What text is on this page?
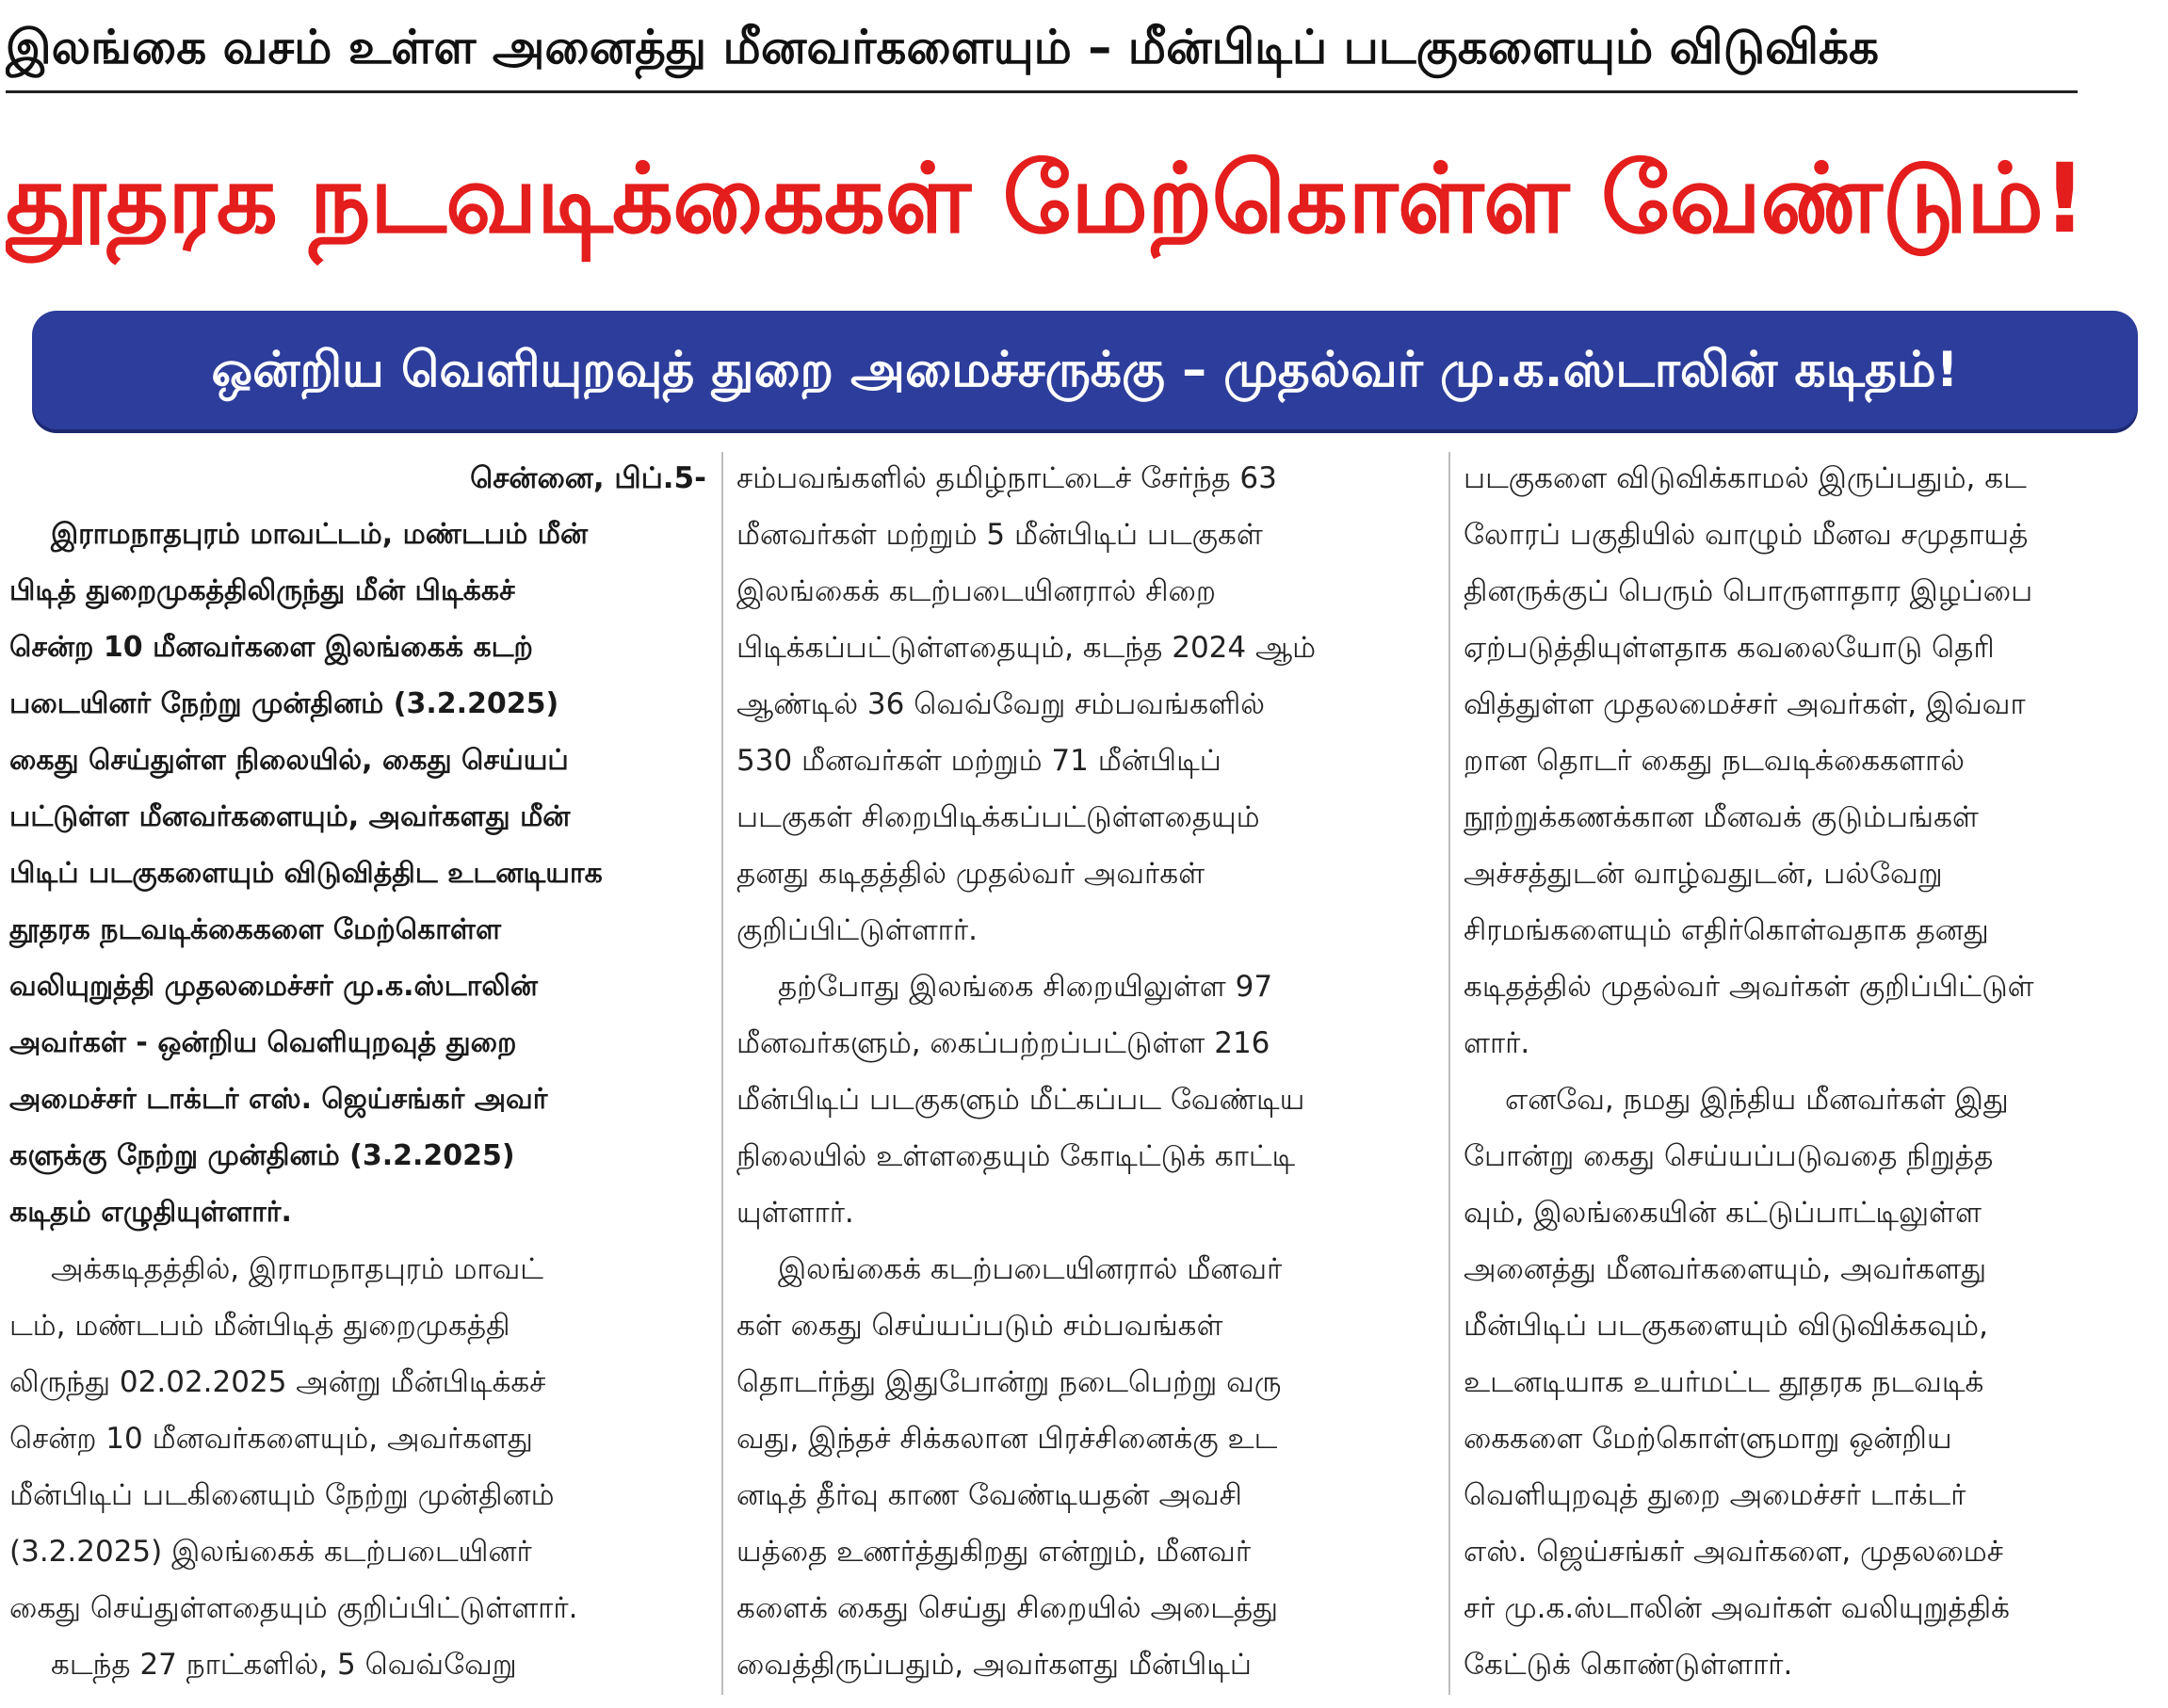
இலங்கை வசம் உள்ள அனைத்து மீனவர்களையும் – மீன்பிடிப் படகுகளையும் விடுவிக்க
தூதரக நடவடிக்கைகள் மேற்கொள்ள வேண்டும்!
ஒன்றிய வெளியுறவுத் துறை அமைச்சருக்கு – முதல்வர் மு.க.ஸ்டாலின் கடிதம்!
சென்னை, பிப்.5-
இராமநாதபுரம் மாவட்டம், மண்டபம் மீன்
பிடித் துறைமுகத்திலிருந்து மீன் பிடிக்கச்
சென்ற 10 மீனவர்களை இலங்கைக் கடற்
படையினர் நேற்று முன்தினம் (3.2.2025)
கைது செய்துள்ள நிலையில், கைது செய்யப்
பட்டுள்ள மீனவர்களையும், அவர்களது மீன்
பிடிப் படகுகளையும் விடுவித்திட உடனடியாக
தூதரக நடவடிக்கைகளை மேற்கொள்ள
வலியுறுத்தி முதலமைச்சர் மு.க.ஸ்டாலின்
அவர்கள் - ஒன்றிய வெளியுறவுத் துறை
அமைச்சர் டாக்டர் எஸ். ஜெய்சங்கர் அவர்
களுக்கு நேற்று முன்தினம் (3.2.2025)
கடிதம் எழுதியுள்ளார்.
அக்கடிதத்தில், இராமநாதபுரம் மாவட்
டம், மண்டபம் மீன்பிடித் துறைமுகத்தி
லிருந்து 02.02.2025 அன்று மீன்பிடிக்கச்
சென்ற 10 மீனவர்களையும், அவர்களது
மீன்பிடிப் படகினையும் நேற்று முன்தினம்
(3.2.2025) இலங்கைக் கடற்படையினர்
கைது செய்துள்ளதையும் குறிப்பிட்டுள்ளார்.
கடந்த 27 நாட்களில், 5 வெவ்வேறு
சம்பவங்களில் தமிழ்நாட்டைச் சேர்ந்த 63
மீனவர்கள் மற்றும் 5 மீன்பிடிப் படகுகள்
இலங்கைக் கடற்படையினரால் சிறை
பிடிக்கப்பட்டுள்ளதையும், கடந்த 2024 ஆம்
ஆண்டில் 36 வெவ்வேறு சம்பவங்களில்
530 மீனவர்கள் மற்றும் 71 மீன்பிடிப்
படகுகள் சிறைபிடிக்கப்பட்டுள்ளதையும்
தனது கடிதத்தில் முதல்வர் அவர்கள்
குறிப்பிட்டுள்ளார்.
தற்போது இலங்கை சிறையிலுள்ள 97
மீனவர்களும், கைப்பற்றப்பட்டுள்ள 216
மீன்பிடிப் படகுகளும் மீட்கப்பட வேண்டிய
நிலையில் உள்ளதையும் கோடிட்டுக் காட்டி
யுள்ளார்.
இலங்கைக் கடற்படையினரால் மீனவர்
கள் கைது செய்யப்படும் சம்பவங்கள்
தொடர்ந்து இதுபோன்று நடைபெற்று வரு
வது, இந்தச் சிக்கலான பிரச்சினைக்கு உட
னடித் தீர்வு காண வேண்டியதன் அவசி
யத்தை உணர்த்துகிறது என்றும், மீனவர்
களைக் கைது செய்து சிறையில் அடைத்து
வைத்திருப்பதும், அவர்களது மீன்பிடிப்
படகுகளை விடுவிக்காமல் இருப்பதும், கட
லோரப் பகுதியில் வாழும் மீனவ சமுதாயத்
தினருக்குப் பெரும் பொருளாதார இழப்பை
ஏற்படுத்தியுள்ளதாக கவலையோடு தெரி
வித்துள்ள முதலமைச்சர் அவர்கள், இவ்வா
றான தொடர் கைது நடவடிக்கைகளால்
நூற்றுக்கணக்கான மீனவக் குடும்பங்கள்
அச்சத்துடன் வாழ்வதுடன், பல்வேறு
சிரமங்களையும் எதிர்கொள்வதாக தனது
கடிதத்தில் முதல்வர் அவர்கள் குறிப்பிட்டுள்
ளார்.
எனவே, நமது இந்திய மீனவர்கள் இது
போன்று கைது செய்யப்படுவதை நிறுத்த
வும், இலங்கையின் கட்டுப்பாட்டிலுள்ள
அனைத்து மீனவர்களையும், அவர்களது
மீன்பிடிப் படகுகளையும் விடுவிக்கவும்,
உடனடியாக உயர்மட்ட தூதரக நடவடிக்
கைகளை மேற்கொள்ளுமாறு ஒன்றிய
வெளியுறவுத் துறை அமைச்சர் டாக்டர்
எஸ். ஜெய்சங்கர் அவர்களை, முதலமைச்
சர் மு.க.ஸ்டாலின் அவர்கள் வலியுறுத்திக்
கேட்டுக் கொண்டுள்ளார்.
